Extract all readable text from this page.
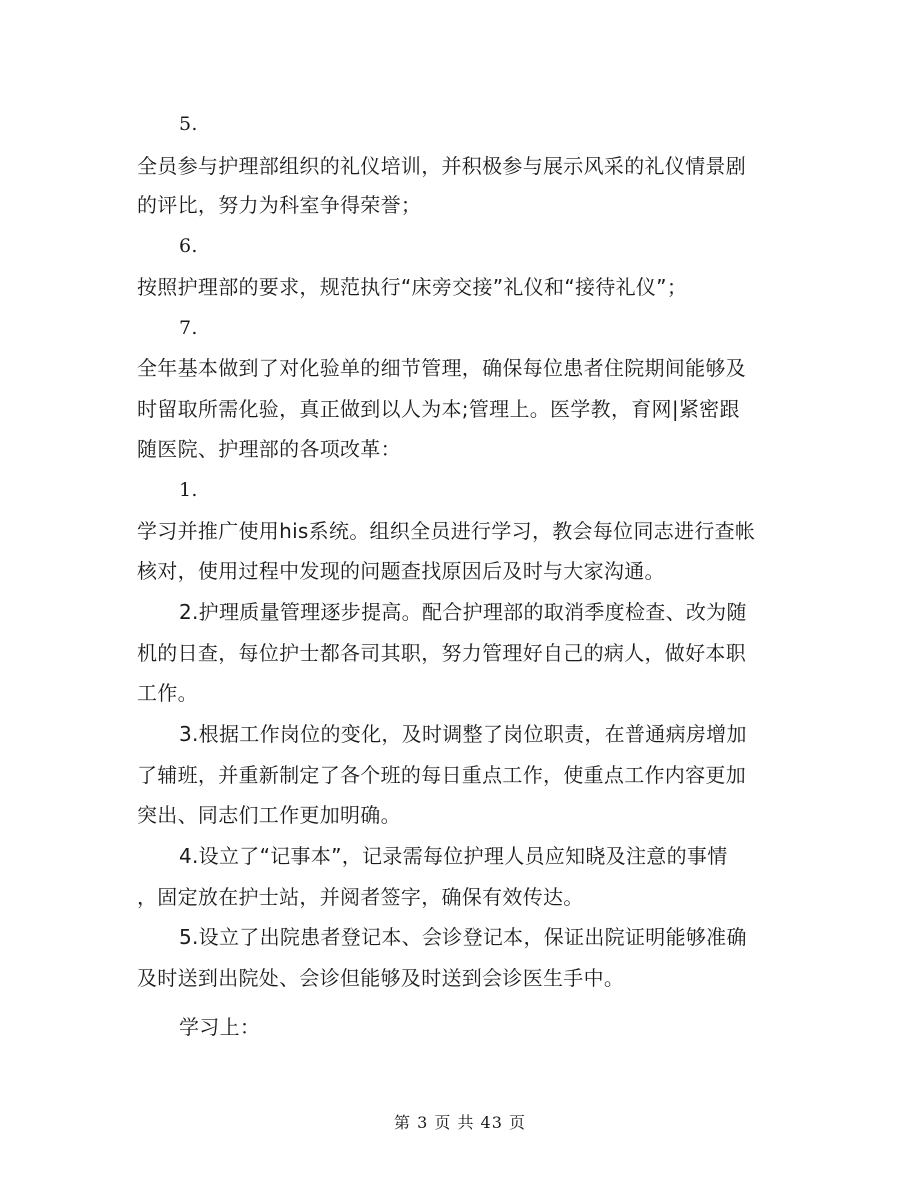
5.
全员参与护理部组织的礼仪培训，并积极参与展示风采的礼仪情景剧
的评比，努力为科室争得荣誉；
6.
按照护理部的要求，规范执行“床旁交接”礼仪和“接待礼仪”；
7.
全年基本做到了对化验单的细节管理，确保每位患者住院期间能够及
时留取所需化验，真正做到以人为本;管理上。医学教，育网|紧密跟
随医院、护理部的各项改革：
1.
学习并推广使用his系统。组织全员进行学习，教会每位同志进行查帐
核对，使用过程中发现的问题查找原因后及时与大家沟通。
2.护理质量管理逐步提高。配合护理部的取消季度检查、改为随
机的日查，每位护士都各司其职，努力管理好自己的病人，做好本职
工作。
3.根据工作岗位的变化，及时调整了岗位职责，在普通病房增加
了辅班，并重新制定了各个班的每日重点工作，使重点工作内容更加
突出、同志们工作更加明确。
4.设立了“记事本”，记录需每位护理人员应知晓及注意的事情
，固定放在护士站，并阅者签字，确保有效传达。
5.设立了出院患者登记本、会诊登记本，保证出院证明能够准确
及时送到出院处、会诊但能够及时送到会诊医生手中。
学习上：
第 3 页 共 43 页
